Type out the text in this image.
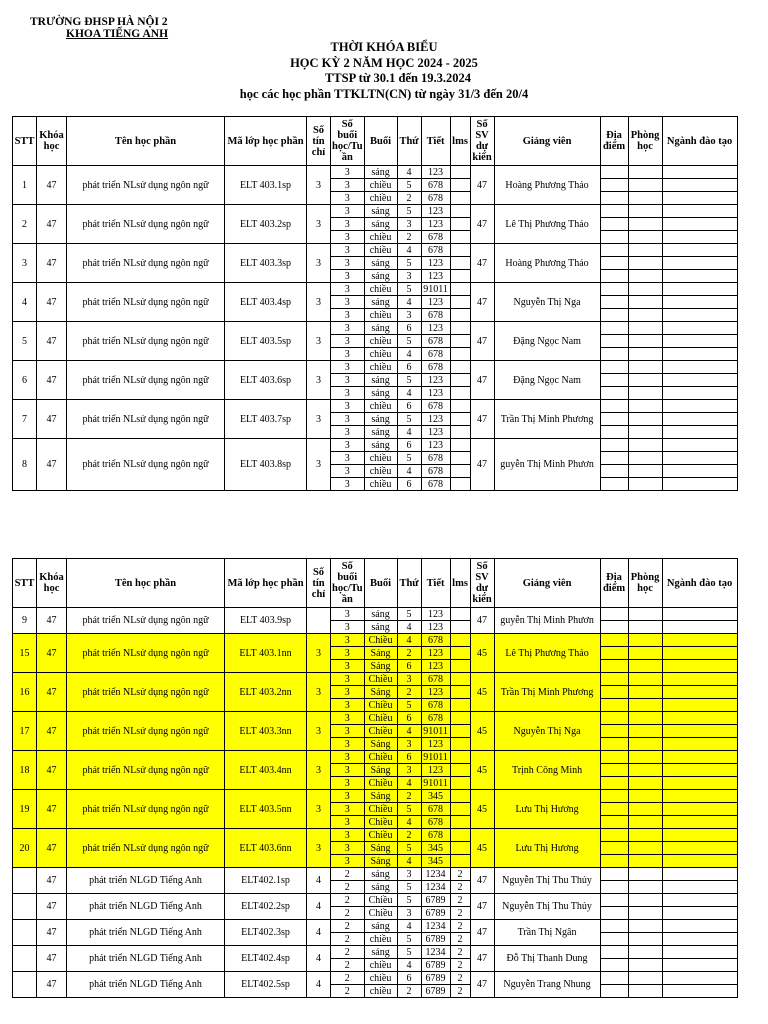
TRƯỜNG ĐHSP HÀ NỘI 2
KHOA TIẾNG ANH
THỜI KHÓA BIỂU
HỌC KỲ 2 NĂM HỌC 2024 - 2025
TTSP từ 30.1 đến 19.3.2024
học các học phần TTKLTN(CN) từ ngày 31/3 đến 20/4
STT	Khóa học	Tên học phần	Mã lớp học phần	Số tín chỉ	Số buổi học/Tu ần	Buổi	Thứ	Tiết	lms	Số SV dự kiến	Giảng viên	Địa điểm	Phòng học	Ngành đào tạo
1	47	phát triển NLsử dụng ngôn ngữ	ELT 403.1sp	3	3	sáng	4	123		47	Hoàng Phương Thảo			
					3	chiều	5	678						
					3	chiều	2	678						
2	47	phát triển NLsử dụng ngôn ngữ	ELT 403.2sp	3	3	sáng	5	123		47	Lê Thị Phương Thảo			
					3	sáng	3	123						
					3	chiều	2	678						
3	47	phát triển NLsử dụng ngôn ngữ	ELT 403.3sp	3	3	chiều	4	678		47	Hoàng Phương Thảo			
					3	sáng	5	123						
					3	sáng	3	123						
4	47	phát triển NLsử dụng ngôn ngữ	ELT 403.4sp	3	3	chiều	5	91011		47	Nguyễn Thị Nga			
					3	sáng	4	123						
					3	chiều	3	678						
5	47	phát triển NLsử dụng ngôn ngữ	ELT 403.5sp	3	3	sáng	6	123		47	Đặng Ngọc Nam			
					3	chiều	5	678						
					3	chiều	4	678						
6	47	phát triển NLsử dụng ngôn ngữ	ELT 403.6sp	3	3	chiều	6	678		47	Đặng Ngọc Nam			
					3	sáng	5	123						
					3	sáng	4	123						
7	47	phát triển NLsử dụng ngôn ngữ	ELT 403.7sp	3	3	chiều	6	678		47	Trần Thị Minh Phương			
					3	sáng	5	123						
					3	sáng	4	123						
8	47	phát triển NLsử dụng ngôn ngữ	ELT 403.8sp	3	3	sáng	6	123		47	guyễn Thị Minh Phươn			
					3	chiều	5	678						
					3	chiều	4	678						
					3	chiều	6	678						
STT	Khóa học	Tên học phần	Mã lớp học phần	Số tín chỉ	Số buổi học/Tu ần	Buổi	Thứ	Tiết	lms	Số SV dự kiến	Giảng viên	Địa điểm	Phòng học	Ngành đào tạo
9	47	phát triển NLsử dụng ngôn ngữ	ELT 403.9sp		3	sáng	5	123		47	guyễn Thị Minh Phươn			
					3	sáng	4	123						
15	47	phát triển NLsử dụng ngôn ngữ	ELT 403.1nn	3	3	Chiều	4	678		45	Lê Thị Phương Thảo			
					3	Sáng	2	123						
					3	Sáng	6	123						
16	47	phát triển NLsử dụng ngôn ngữ	ELT 403.2nn	3	3	Chiều	3	678		45	Trần Thị Minh Phương			
					3	Sáng	2	123						
					3	Chiều	5	678						
17	47	phát triển NLsử dụng ngôn ngữ	ELT 403.3nn	3	3	Chiều	6	678		45	Nguyễn Thị Nga			
					3	Chiều	4	91011						
					3	Sáng	3	123						
18	47	phát triển NLsử dụng ngôn ngữ	ELT 403.4nn	3	3	Chiều	6	91011		45	Trịnh Công Minh			
					3	Sáng	3	123						
					3	Chiều	4	91011						
19	47	phát triển NLsử dụng ngôn ngữ	ELT 403.5nn	3	3	Sáng	2	345		45	Lưu Thị Hương			
					3	Chiều	5	678						
					3	Chiều	4	678						
20	47	phát triển NLsử dụng ngôn ngữ	ELT 403.6nn	3	3	Chiều	2	678		45	Lưu Thị Hương			
					3	Sáng	5	345						
					3	Sáng	4	345						
	47	phát triển NLGD Tiếng Anh	ELT402.1sp	4	2	sáng	3	1234	2	47	Nguyễn Thị Thu Thủy			
					2	sáng	5	1234	2					
	47	phát triển NLGD Tiếng Anh	ELT402.2sp	4	2	Chiều	5	6789	2	47	Nguyễn Thị Thu Thủy			
					2	Chiều	3	6789	2					
	47	phát triển NLGD Tiếng Anh	ELT402.3sp	4	2	sáng	4	1234	2	47	Trần Thị Ngân			
					2	chiều	5	6789	2					
	47	phát triển NLGD Tiếng Anh	ELT402.4sp	4	2	sáng	5	1234	2	47	Đỗ Thị Thanh Dung			
					2	chiều	4	6789	2					
	47	phát triển NLGD Tiếng Anh	ELT402.5sp	4	2	chiều	6	6789	2	47	Nguyễn Trang Nhung			
					2	chiều	2	6789	2					
